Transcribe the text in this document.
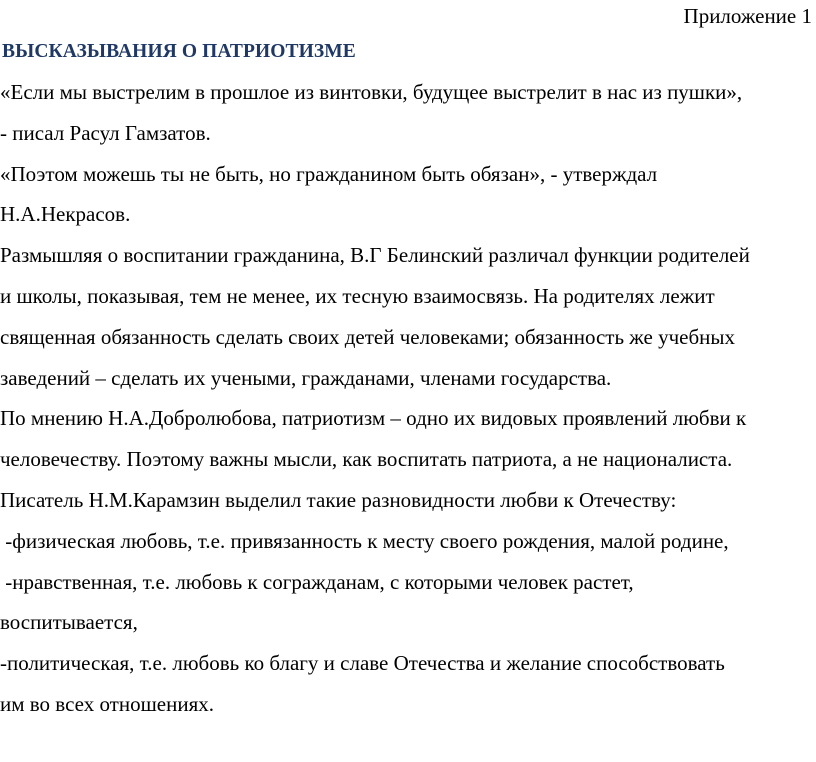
Приложение 1
ВЫСКАЗЫВАНИЯ О ПАТРИОТИЗМЕ
«Если мы выстрелим в прошлое из винтовки, будущее выстрелит в нас из пушки»,
- писал Расул Гамзатов.
«Поэтом можешь ты не быть, но гражданином быть обязан», - утверждал
Н.А.Некрасов.
Размышляя о воспитании гражданина, В.Г Белинский различал функции родителей
и школы, показывая, тем не менее, их тесную взаимосвязь. На родителях лежит
священная обязанность сделать своих детей человеками; обязанность же учебных
заведений – сделать их учеными, гражданами, членами государства.
По мнению Н.А.Добролюбова, патриотизм – одно их видовых проявлений любви к
человечеству. Поэтому важны мысли, как воспитать патриота, а не националиста.
Писатель Н.М.Карамзин выделил такие разновидности любви к Отечеству:
-физическая любовь, т.е. привязанность к месту своего рождения, малой родине,
-нравственная, т.е. любовь к согражданам, с которыми человек растет,
воспитывается,
-политическая, т.е. любовь ко благу и славе Отечества и желание способствовать
им во всех отношениях.
